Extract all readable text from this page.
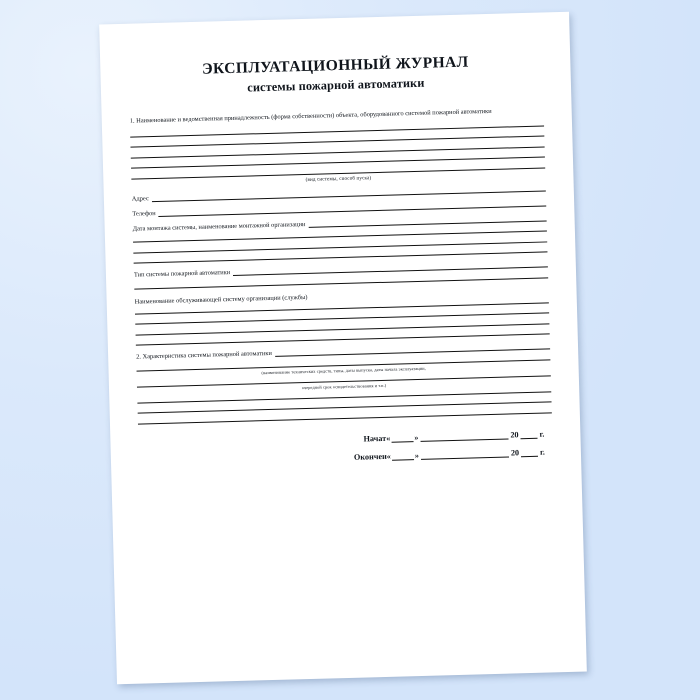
ЭКСПЛУАТАЦИОННЫЙ ЖУРНАЛ
системы пожарной автоматики

1. Наименование и ведомственная принадлежность (форма собственности) объекта, оборудованного системой пожарной автоматики

(вид системы, способ пуска)
Адрес
Телефон
Дата монтажа системы, наименование монтажной организации
Тип системы пожарной автоматики
Наименование обслуживающей систему организации (службы)
2. Характеристика системы пожарной автоматики
(наименование технических средств, типы, даты выпуска, даты начала эксплуатации,
очередной срок освидетельствования и т.п.)
Начат «	»	20	г.
Окончен «	»	20	г.
